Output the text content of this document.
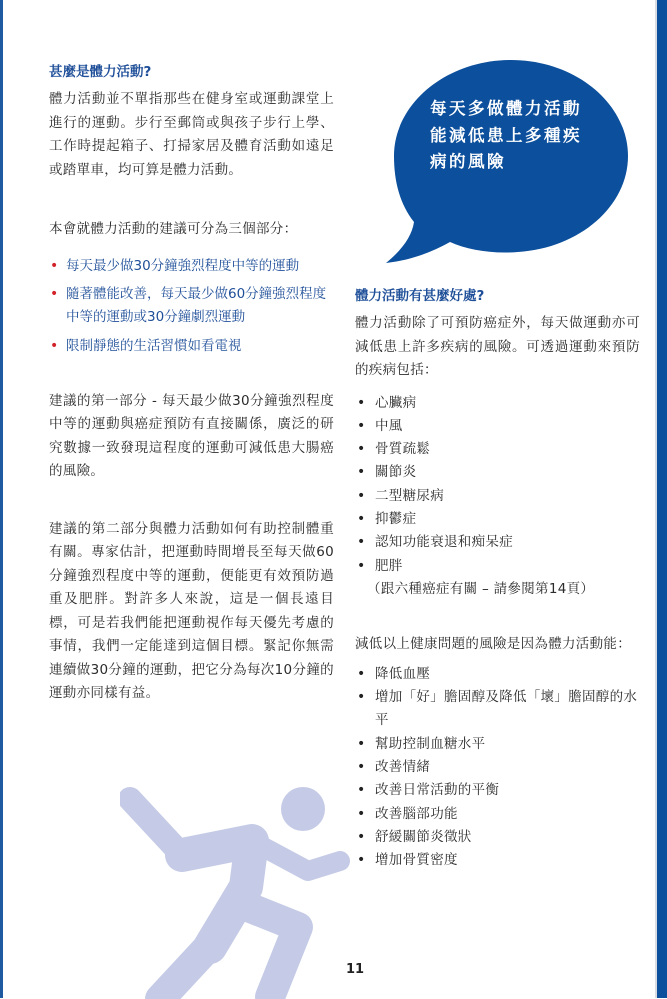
甚麼是體力活動?

體力活動並不單指那些在健身室或運動課堂上進行的運動。步行至郵筒或與孩子步行上學、工作時提起箱子、打掃家居及體育活動如遠足或踏單車，均可算是體力活動。

本會就體力活動的建議可分為三個部分：

• 每天最少做30分鐘強烈程度中等的運動
• 隨著體能改善，每天最少做60分鐘強烈程度中等的運動或30分鐘劇烈運動
• 限制靜態的生活習慣如看電視

建議的第一部分 - 每天最少做30分鐘強烈程度中等的運動與癌症預防有直接關係，廣泛的研究數據一致發現這程度的運動可減低患大腸癌的風險。

建議的第二部分與體力活動如何有助控制體重有關。專家估計，把運動時間增長至每天做60分鐘強烈程度中等的運動，便能更有效預防過重及肥胖。對許多人來說，這是一個長遠目標，可是若我們能把運動視作每天優先考慮的事情，我們一定能達到這個目標。緊記你無需連續做30分鐘的運動，把它分為每次10分鐘的運動亦同樣有益。

每天多做體力活動能減低患上多種疾病的風險

體力活動有甚麼好處?

體力活動除了可預防癌症外，每天做運動亦可減低患上許多疾病的風險。可透過運動來預防的疾病包括：

• 心臟病
• 中風
• 骨質疏鬆
• 關節炎
• 二型糖尿病
• 抑鬱症
• 認知功能衰退和痴呆症
• 肥胖

（跟六種癌症有關 – 請參閱第14頁）

減低以上健康問題的風險是因為體力活動能：

• 降低血壓
• 增加「好」膽固醇及降低「壞」膽固醇的水平
• 幫助控制血糖水平
• 改善情緒
• 改善日常活動的平衡
• 改善腦部功能
• 舒緩關節炎徵狀
• 增加骨質密度
11
